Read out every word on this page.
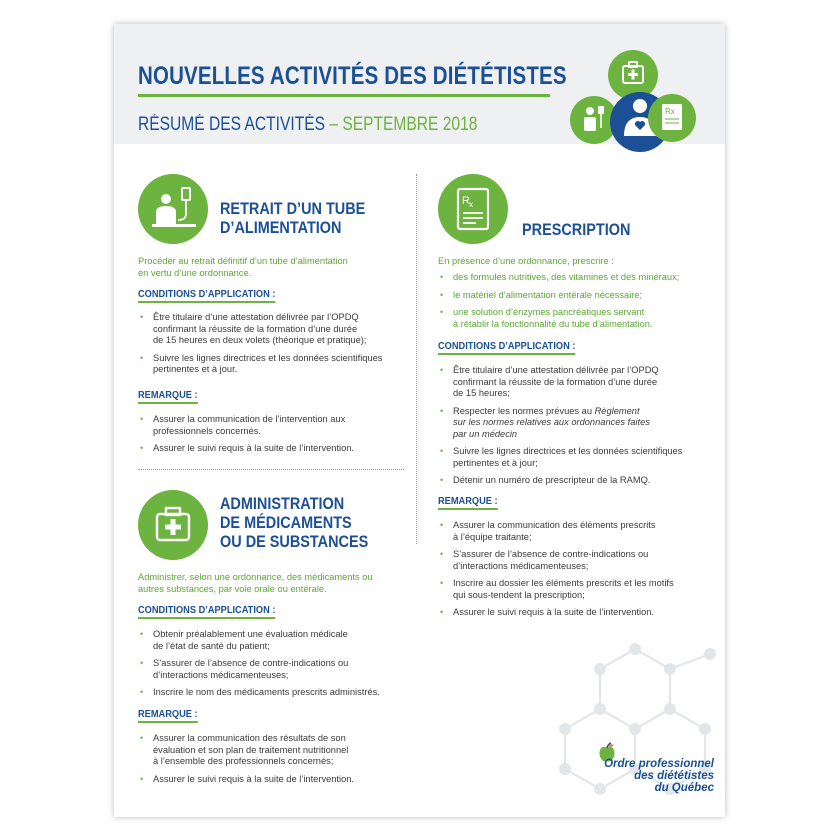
NOUVELLES ACTIVITÉS DES DIÉTÉTISTES
RÉSUMÉ DES ACTIVITÉS – SEPTEMBRE 2018
Rx
RETRAIT D’UN TUBE
D’ALIMENTATION
Procéder au retrait définitif d’un tube d’alimentation
en vertu d’une ordonnance.
CONDITIONS D’APPLICATION :
• Être titulaire d’une attestation délivrée par l’OPDQ
confirmant la réussite de la formation d’une durée
de 15 heures en deux volets (théorique et pratique);
• Suivre les lignes directrices et les données scientifiques
pertinentes et à jour.
REMARQUE :
• Assurer la communication de l’intervention aux
professionnels concernés.
• Assurer le suivi requis à la suite de l’intervention.
ADMINISTRATION
DE MÉDICAMENTS
OU DE SUBSTANCES
Administrer, selon une ordonnance, des médicaments ou
autres substances, par voie orale ou entérale.
CONDITIONS D’APPLICATION :
• Obtenir préalablement une évaluation médicale
de l’état de santé du patient;
• S’assurer de l’absence de contre-indications ou
d’interactions médicamenteuses;
• Inscrire le nom des médicaments prescrits administrés.
REMARQUE :
• Assurer la communication des résultats de son
évaluation et son plan de traitement nutritionnel
à l’ensemble des professionnels concernés;
• Assurer le suivi requis à la suite de l’intervention.
R x
PRESCRIPTION
En présence d’une ordonnance, prescrire :
• des formules nutritives, des vitamines et des minéraux;
• le matériel d’alimentation entérale nécessaire;
• une solution d’enzymes pancréatiques servant
à rétablir la fonctionnalité du tube d’alimentation.
CONDITIONS D’APPLICATION :
• Être titulaire d’une attestation délivrée par l’OPDQ
confirmant la réussite de la formation d’une durée
de 15 heures;
• Respecter les normes prévues au Règlement
sur les normes relatives aux ordonnances faites
par un médecin
• Suivre les lignes directrices et les données scientifiques
pertinentes et à jour;
• Détenir un numéro de prescripteur de la RAMQ.
REMARQUE :
• Assurer la communication des éléments prescrits
à l’équipe traitante;
• S’assurer de l’absence de contre-indications ou
d’interactions médicamenteuses;
• Inscrire au dossier les éléments prescrits et les motifs
qui sous-tendent la prescription;
• Assurer le suivi requis à la suite de l’intervention.
Ordre professionnel
des diététistes
du Québec
